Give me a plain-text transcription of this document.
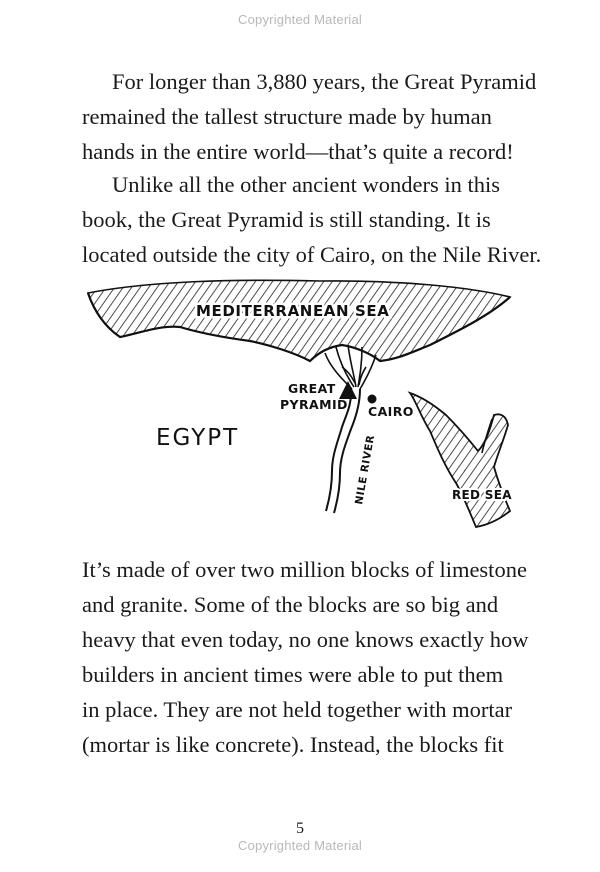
Copyrighted Material

For longer than 3,880 years, the Great Pyramid
remained the tallest structure made by human
hands in the entire world—that’s quite a record!

Unlike all the other ancient wonders in this
book, the Great Pyramid is still standing. It is
located outside the city of Cairo, on the Nile River.

MEDITERRANEAN SEA
GREAT
PYRAMID CAIRO
EGYPT	NILE RIVER	RED SEA

It’s made of over two million blocks of limestone
and granite. Some of the blocks are so big and
heavy that even today, no one knows exactly how
builders in ancient times were able to put them
in place. They are not held together with mortar
(mortar is like concrete). Instead, the blocks fit

5
Copyrighted Material
